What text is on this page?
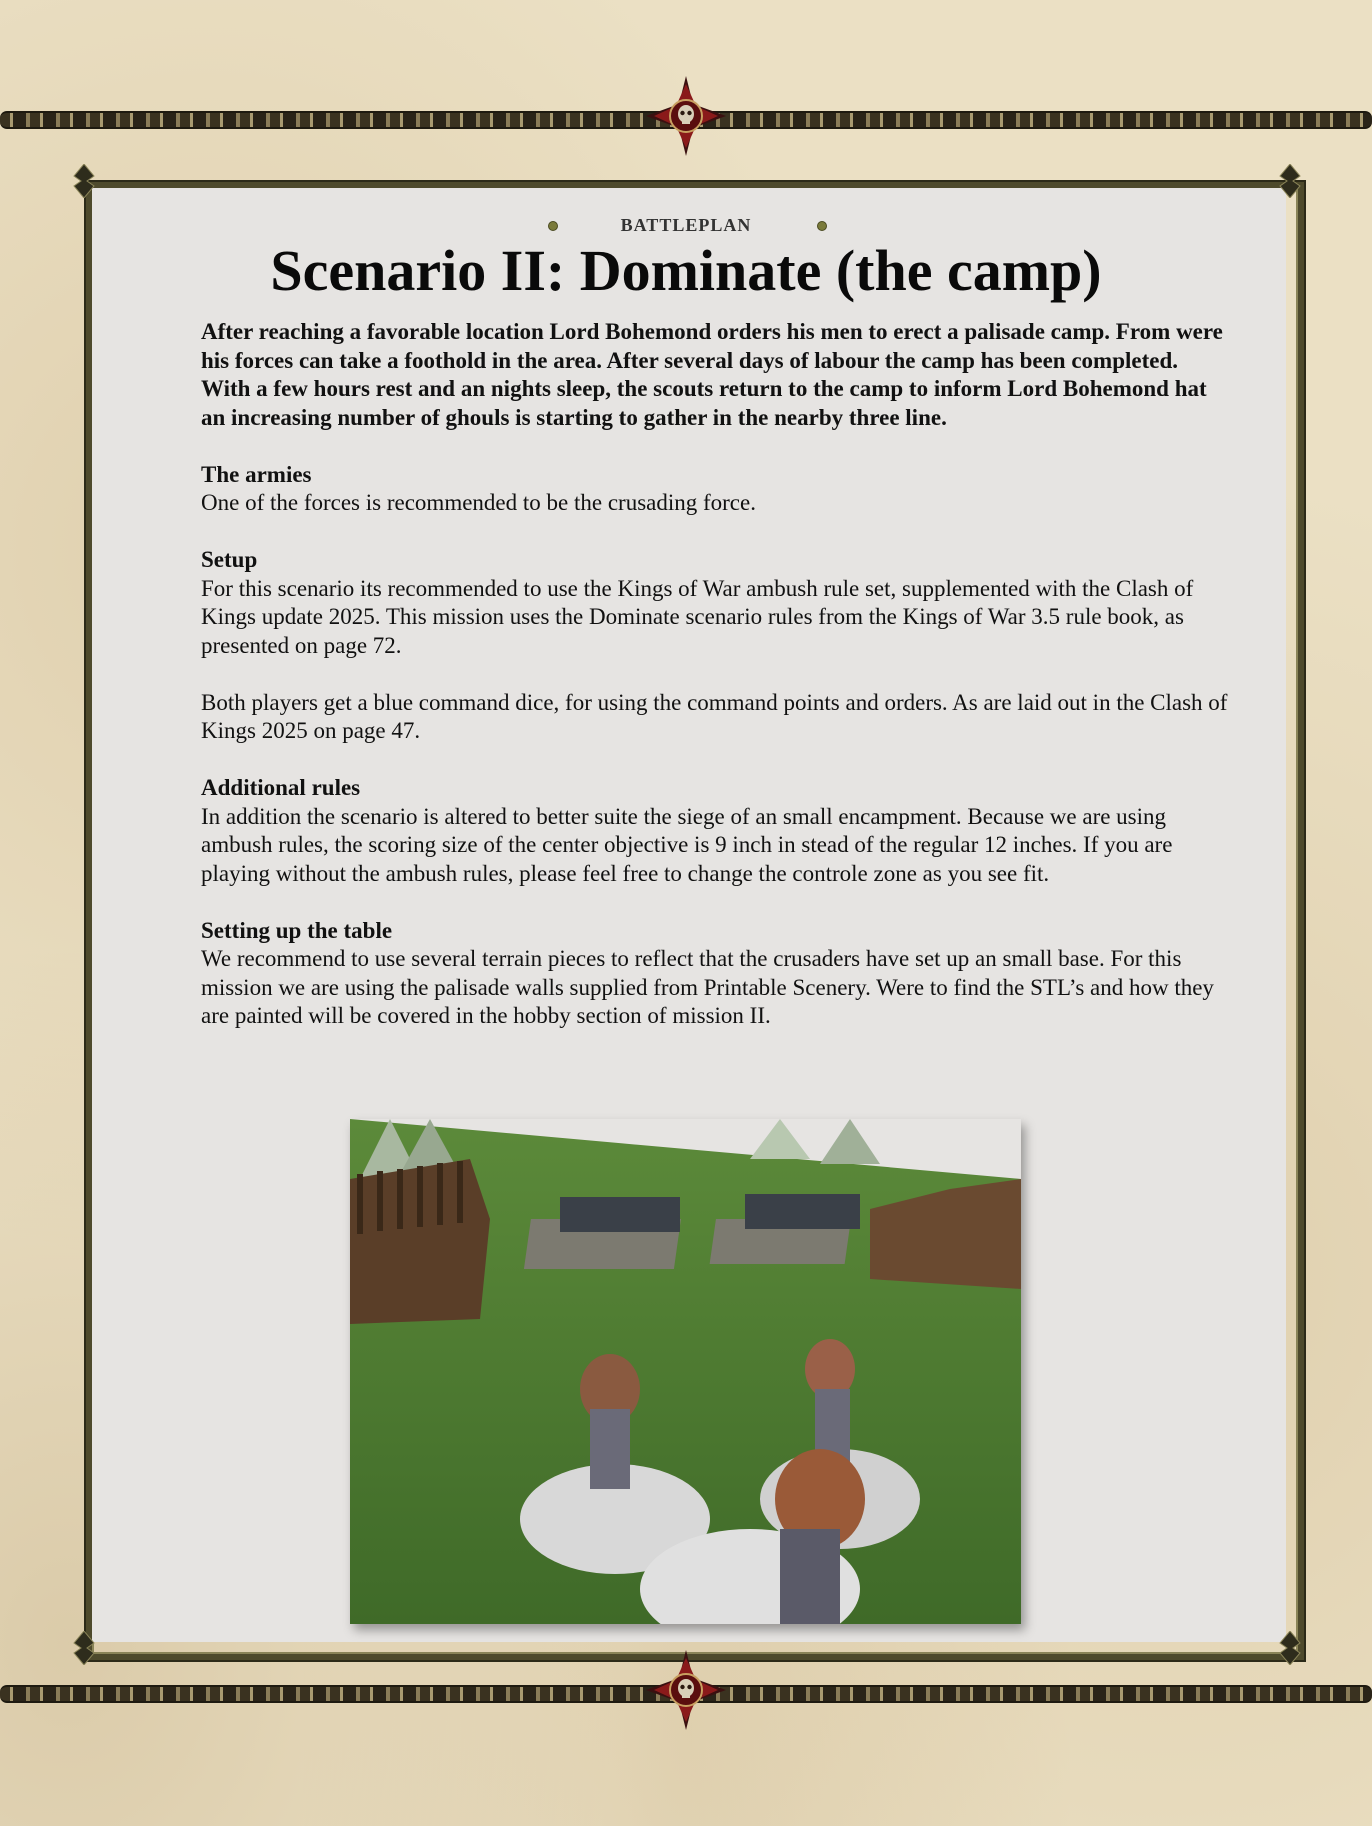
BATTLEPLAN
Scenario II: Dominate (the camp)

After reaching a favorable location Lord Bohemond orders his men to erect a palisade camp. From were his forces can take a foothold in the area. After several days of labour the camp has been completed. With a few hours rest and an nights sleep, the scouts return to the camp to inform Lord Bohemond hat an increasing number of ghouls is starting to gather in the nearby three line.

The armies

One of the forces is recommended to be the crusading force.

Setup

For this scenario its recommended to use the Kings of War ambush rule set, supplemented with the Clash of Kings update 2025. This mission uses the Dominate scenario rules from the Kings of War 3.5 rule book, as presented on page 72.

Both players get a blue command dice, for using the command points and orders. As are laid out in the Clash of Kings 2025 on page 47.

Additional rules

In addition the scenario is altered to better suite the siege of an small encampment. Because we are using ambush rules, the scoring size of the center objective is 9 inch in stead of the regular 12 inches. If you are playing without the ambush rules, please feel free to change the controle zone as you see fit.

Setting up the table

We recommend to use several terrain pieces to reflect that the crusaders have set up an small base. For this mission we are using the palisade walls supplied from Printable Scenery. Were to find the STL’s and how they are painted will be covered in the hobby section of mission II.
